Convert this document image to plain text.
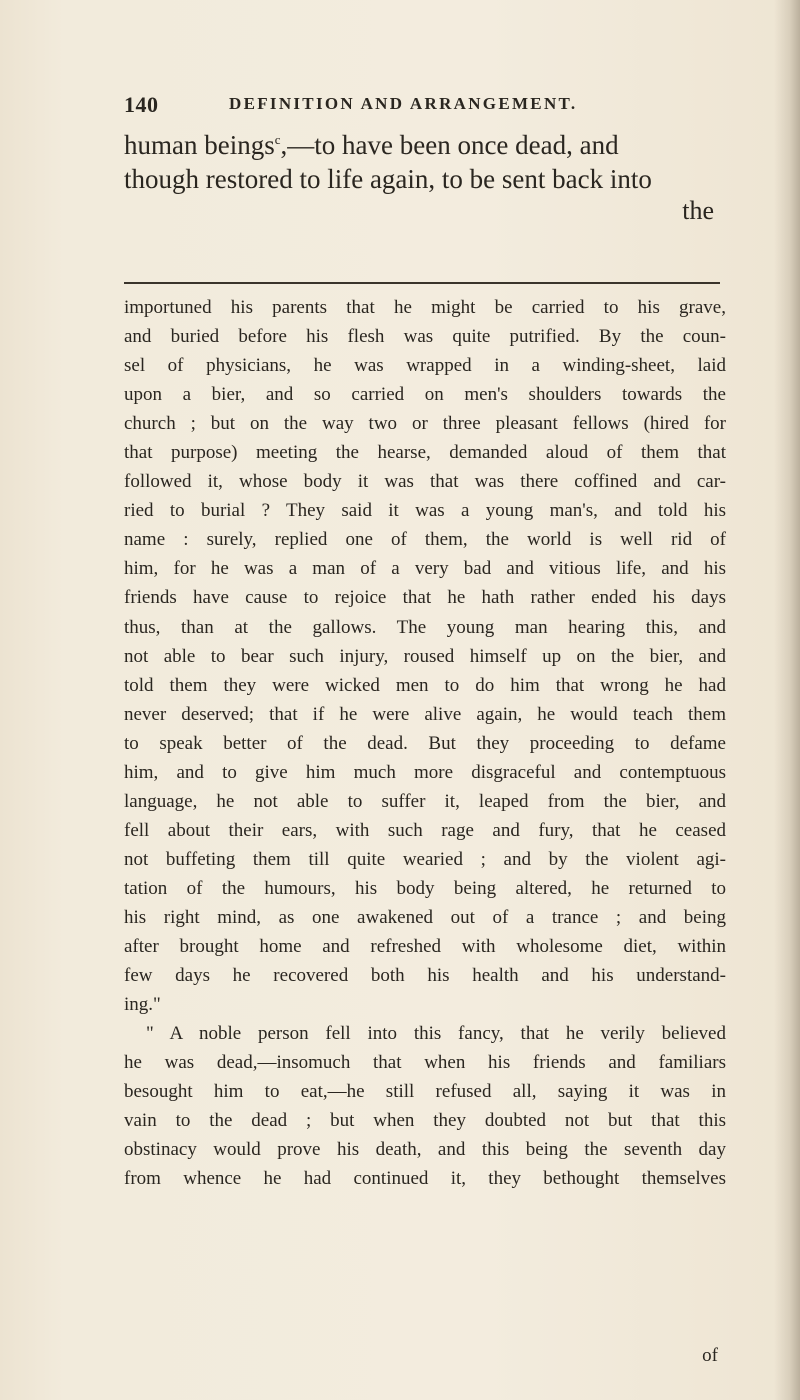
140	DEFINITION AND ARRANGEMENT.
human beings$^c$,—to have been once dead, and
though restored to life again, to be sent back into
the
importuned his parents that he might be carried to his grave,
and buried before his flesh was quite putrified. By the coun-
sel of physicians, he was wrapped in a winding-sheet, laid
upon a bier, and so carried on men's shoulders towards the
church ; but on the way two or three pleasant fellows (hired for
that purpose) meeting the hearse, demanded aloud of them that
followed it, whose body it was that was there coffined and car-
ried to burial ? They said it was a young man's, and told his
name : surely, replied one of them, the world is well rid of
him, for he was a man of a very bad and vitious life, and his
friends have cause to rejoice that he hath rather ended his days
thus, than at the gallows. The young man hearing this, and
not able to bear such injury, roused himself up on the bier, and
told them they were wicked men to do him that wrong he had
never deserved; that if he were alive again, he would teach them
to speak better of the dead. But they proceeding to defame
him, and to give him much more disgraceful and contemptuous
language, he not able to suffer it, leaped from the bier, and
fell about their ears, with such rage and fury, that he ceased
not buffeting them till quite wearied ; and by the violent agi-
tation of the humours, his body being altered, he returned to
his right mind, as one awakened out of a trance ; and being
after brought home and refreshed with wholesome diet, within
few days he recovered both his health and his understand-
ing."
" A noble person fell into this fancy, that he verily believed
he was dead,—insomuch that when his friends and familiars
besought him to eat,—he still refused all, saying it was in
vain to the dead ; but when they doubted not but that this
obstinacy would prove his death, and this being the seventh day
from whence he had continued it, they bethought themselves
of
